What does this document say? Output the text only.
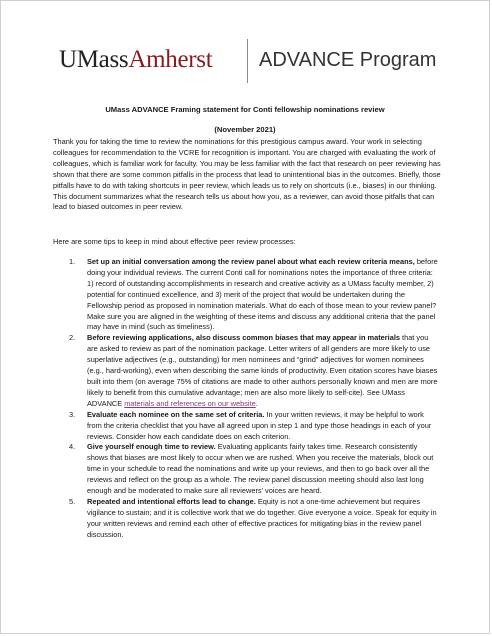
UMassAmherst ADVANCE Program
UMass ADVANCE Framing statement for Conti fellowship nominations review
(November 2021)

Thank you for taking the time to review the nominations for this prestigious campus award. Your work in selecting colleagues for recommendation to the VCRE for recognition is important. You are charged with evaluating the work of colleagues, which is familiar work for faculty. You may be less familiar with the fact that research on peer reviewing has shown that there are some common pitfalls in the process that lead to unintentional bias in the outcomes. Briefly, those pitfalls have to do with taking shortcuts in peer review, which leads us to rely on shortcuts (i.e., biases) in our thinking. This document summarizes what the research tells us about how you, as a reviewer, can avoid those pitfalls that can lead to biased outcomes in peer review.

Here are some tips to keep in mind about effective peer review processes:

1. Set up an initial conversation among the review panel about what each review criteria means, before doing your individual reviews. The current Conti call for nominations notes the importance of three criteria: 1) record of outstanding accomplishments in research and creative activity as a UMass faculty member, 2) potential for continued excellence, and 3) merit of the project that would be undertaken during the Fellowship period as proposed in nomination materials. What do each of those mean to your review panel? Make sure you are aligned in the weighting of these items and discuss any additional criteria that the panel may have in mind (such as timeliness).
2. Before reviewing applications, also discuss common biases that may appear in materials that you are asked to review as part of the nomination package. Letter writers of all genders are more likely to use superlative adjectives (e.g., outstanding) for men nominees and “grind” adjectives for women nominees (e.g., hard-working), even when describing the same kinds of productivity. Even citation scores have biases built into them (on average 75% of citations are made to other authors personally known and men are more likely to benefit from this cumulative advantage; men are also more likely to self-cite). See UMass ADVANCE materials and references on our website.
3. Evaluate each nominee on the same set of criteria. In your written reviews, it may be helpful to work from the criteria checklist that you have all agreed upon in step 1 and type those headings in each of your reviews. Consider how each candidate does on each criterion.
4. Give yourself enough time to review. Evaluating applicants fairly takes time. Research consistently shows that biases are most likely to occur when we are rushed. When you receive the materials, block out time in your schedule to read the nominations and write up your reviews, and then to go back over all the reviews and reflect on the group as a whole. The review panel discussion meeting should also last long enough and be moderated to make sure all reviewers’ voices are heard.
5. Repeated and intentional efforts lead to change. Equity is not a one-time achievement but requires vigilance to sustain; and it is collective work that we do together. Give everyone a voice. Speak for equity in your written reviews and remind each other of effective practices for mitigating bias in the review panel discussion.
